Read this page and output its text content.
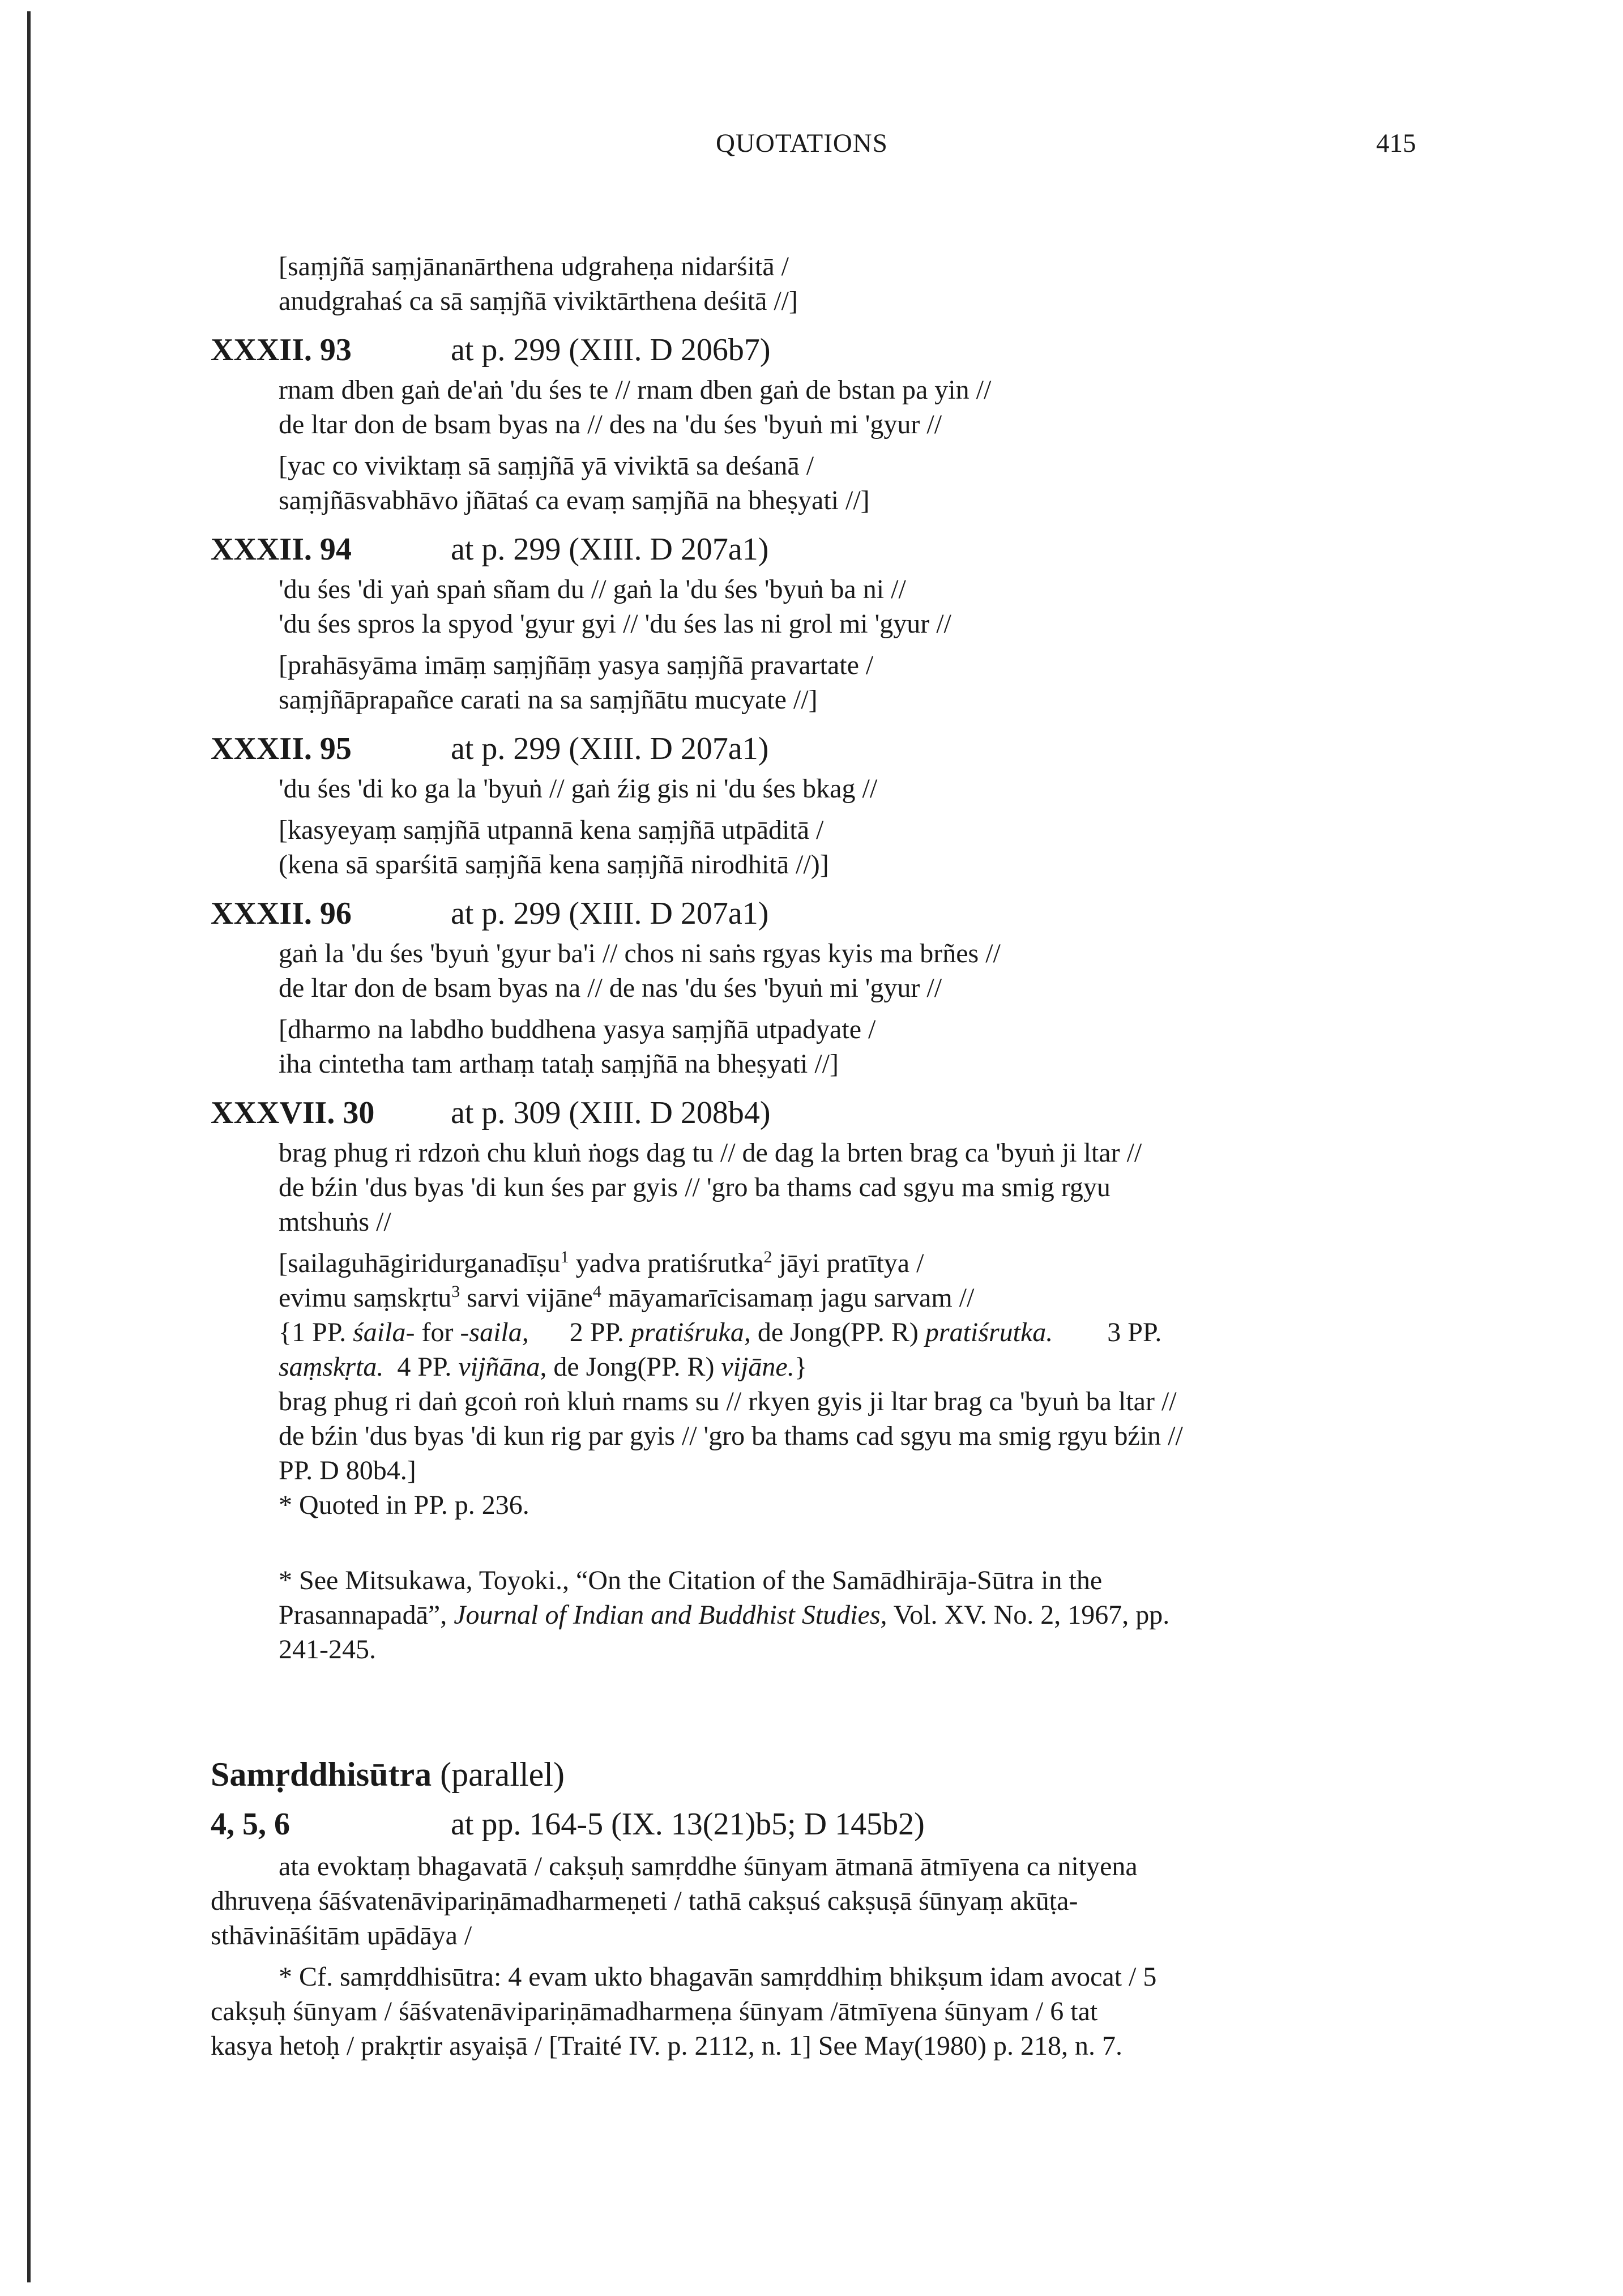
QUOTATIONS	415
[saṃjñā saṃjānanārthena udgraheṇa nidarśitā /
anudgrahaś ca sā saṃjñā viviktārthena deśitā //]
XXXII. 93	at p. 299 (XIII. D 206b7)
rnam dben gaṅ de'aṅ 'du śes te // rnam dben gaṅ de bstan pa yin //
de ltar don de bsam byas na // des na 'du śes 'byuṅ mi 'gyur //
[yac co viviktaṃ sā saṃjñā yā viviktā sa deśanā /
saṃjñāsvabhāvo jñātaś ca evaṃ saṃjñā na bheṣyati //]
XXXII. 94	at p. 299 (XIII. D 207a1)
'du śes 'di yaṅ spaṅ sñam du // gaṅ la 'du śes 'byuṅ ba ni //
'du śes spros la spyod 'gyur gyi // 'du śes las ni grol mi 'gyur //
[prahāsyāma imāṃ saṃjñāṃ yasya saṃjñā pravartate /
saṃjñāprapañce carati na sa saṃjñātu mucyate //]
XXXII. 95	at p. 299 (XIII. D 207a1)
'du śes 'di ko ga la 'byuṅ // gaṅ źig gis ni 'du śes bkag //
[kasyeyaṃ saṃjñā utpannā kena saṃjñā utpāditā /
(kena sā sparśitā saṃjñā kena saṃjñā nirodhitā //)]
XXXII. 96	at p. 299 (XIII. D 207a1)
gaṅ la 'du śes 'byuṅ 'gyur ba'i // chos ni saṅs rgyas kyis ma brñes //
de ltar don de bsam byas na // de nas 'du śes 'byuṅ mi 'gyur //
[dharmo na labdho buddhena yasya saṃjñā utpadyate /
iha cintetha tam arthaṃ tataḥ saṃjñā na bheṣyati //]
XXXVII. 30	at p. 309 (XIII. D 208b4)
brag phug ri rdzoṅ chu kluṅ ṅogs dag tu // de dag la brten brag ca 'byuṅ ji ltar //
de bźin 'dus byas 'di kun śes par gyis // 'gro ba thams cad sgyu ma smig rgyu
mtshuṅs //
[sailaguhāgiridurganadīṣu$^1$ yadva pratiśrutka$^2$ jāyi pratītya /
evimu saṃskṛtu$^3$ sarvi vijāne$^4$ māyamarīcisamaṃ jagu sarvam //
{1 PP. śaila- for -saila, 2 PP. pratiśruka, de Jong(PP. R) pratiśrutka. 3 PP.
saṃskṛta. 4 PP. vijñāna, de Jong(PP. R) vijāne.}
brag phug ri daṅ gcoṅ roṅ kluṅ rnams su // rkyen gyis ji ltar brag ca 'byuṅ ba ltar //
de bźin 'dus byas 'di kun rig par gyis // 'gro ba thams cad sgyu ma smig rgyu bźin //
PP. D 80b4.]
* Quoted in PP. p. 236.
* See Mitsukawa, Toyoki., “On the Citation of the Samādhirāja-Sūtra in the
Prasannapadā”, Journal of Indian and Buddhist Studies, Vol. XV. No. 2, 1967, pp.
241-245.
Samṛddhisūtra (parallel)
4, 5, 6	at pp. 164-5 (IX. 13(21)b5; D 145b2)
ata evoktaṃ bhagavatā / cakṣuḥ samṛddhe śūnyam ātmanā ātmīyena ca nityena
dhruveṇa śāśvatenāvipariṇāmadharmeṇeti / tathā cakṣuś cakṣuṣā śūnyaṃ akūṭa-
sthāvināśitām upādāya /
* Cf. samṛddhisūtra: 4 evam ukto bhagavān samṛddhiṃ bhikṣum idam avocat / 5
cakṣuḥ śūnyam / śāśvatenāvipariṇāmadharmeṇa śūnyam /ātmīyena śūnyam / 6 tat
kasya hetoḥ / prakṛtir asyaiṣā / [Traité IV. p. 2112, n. 1] See May(1980) p. 218, n. 7.
